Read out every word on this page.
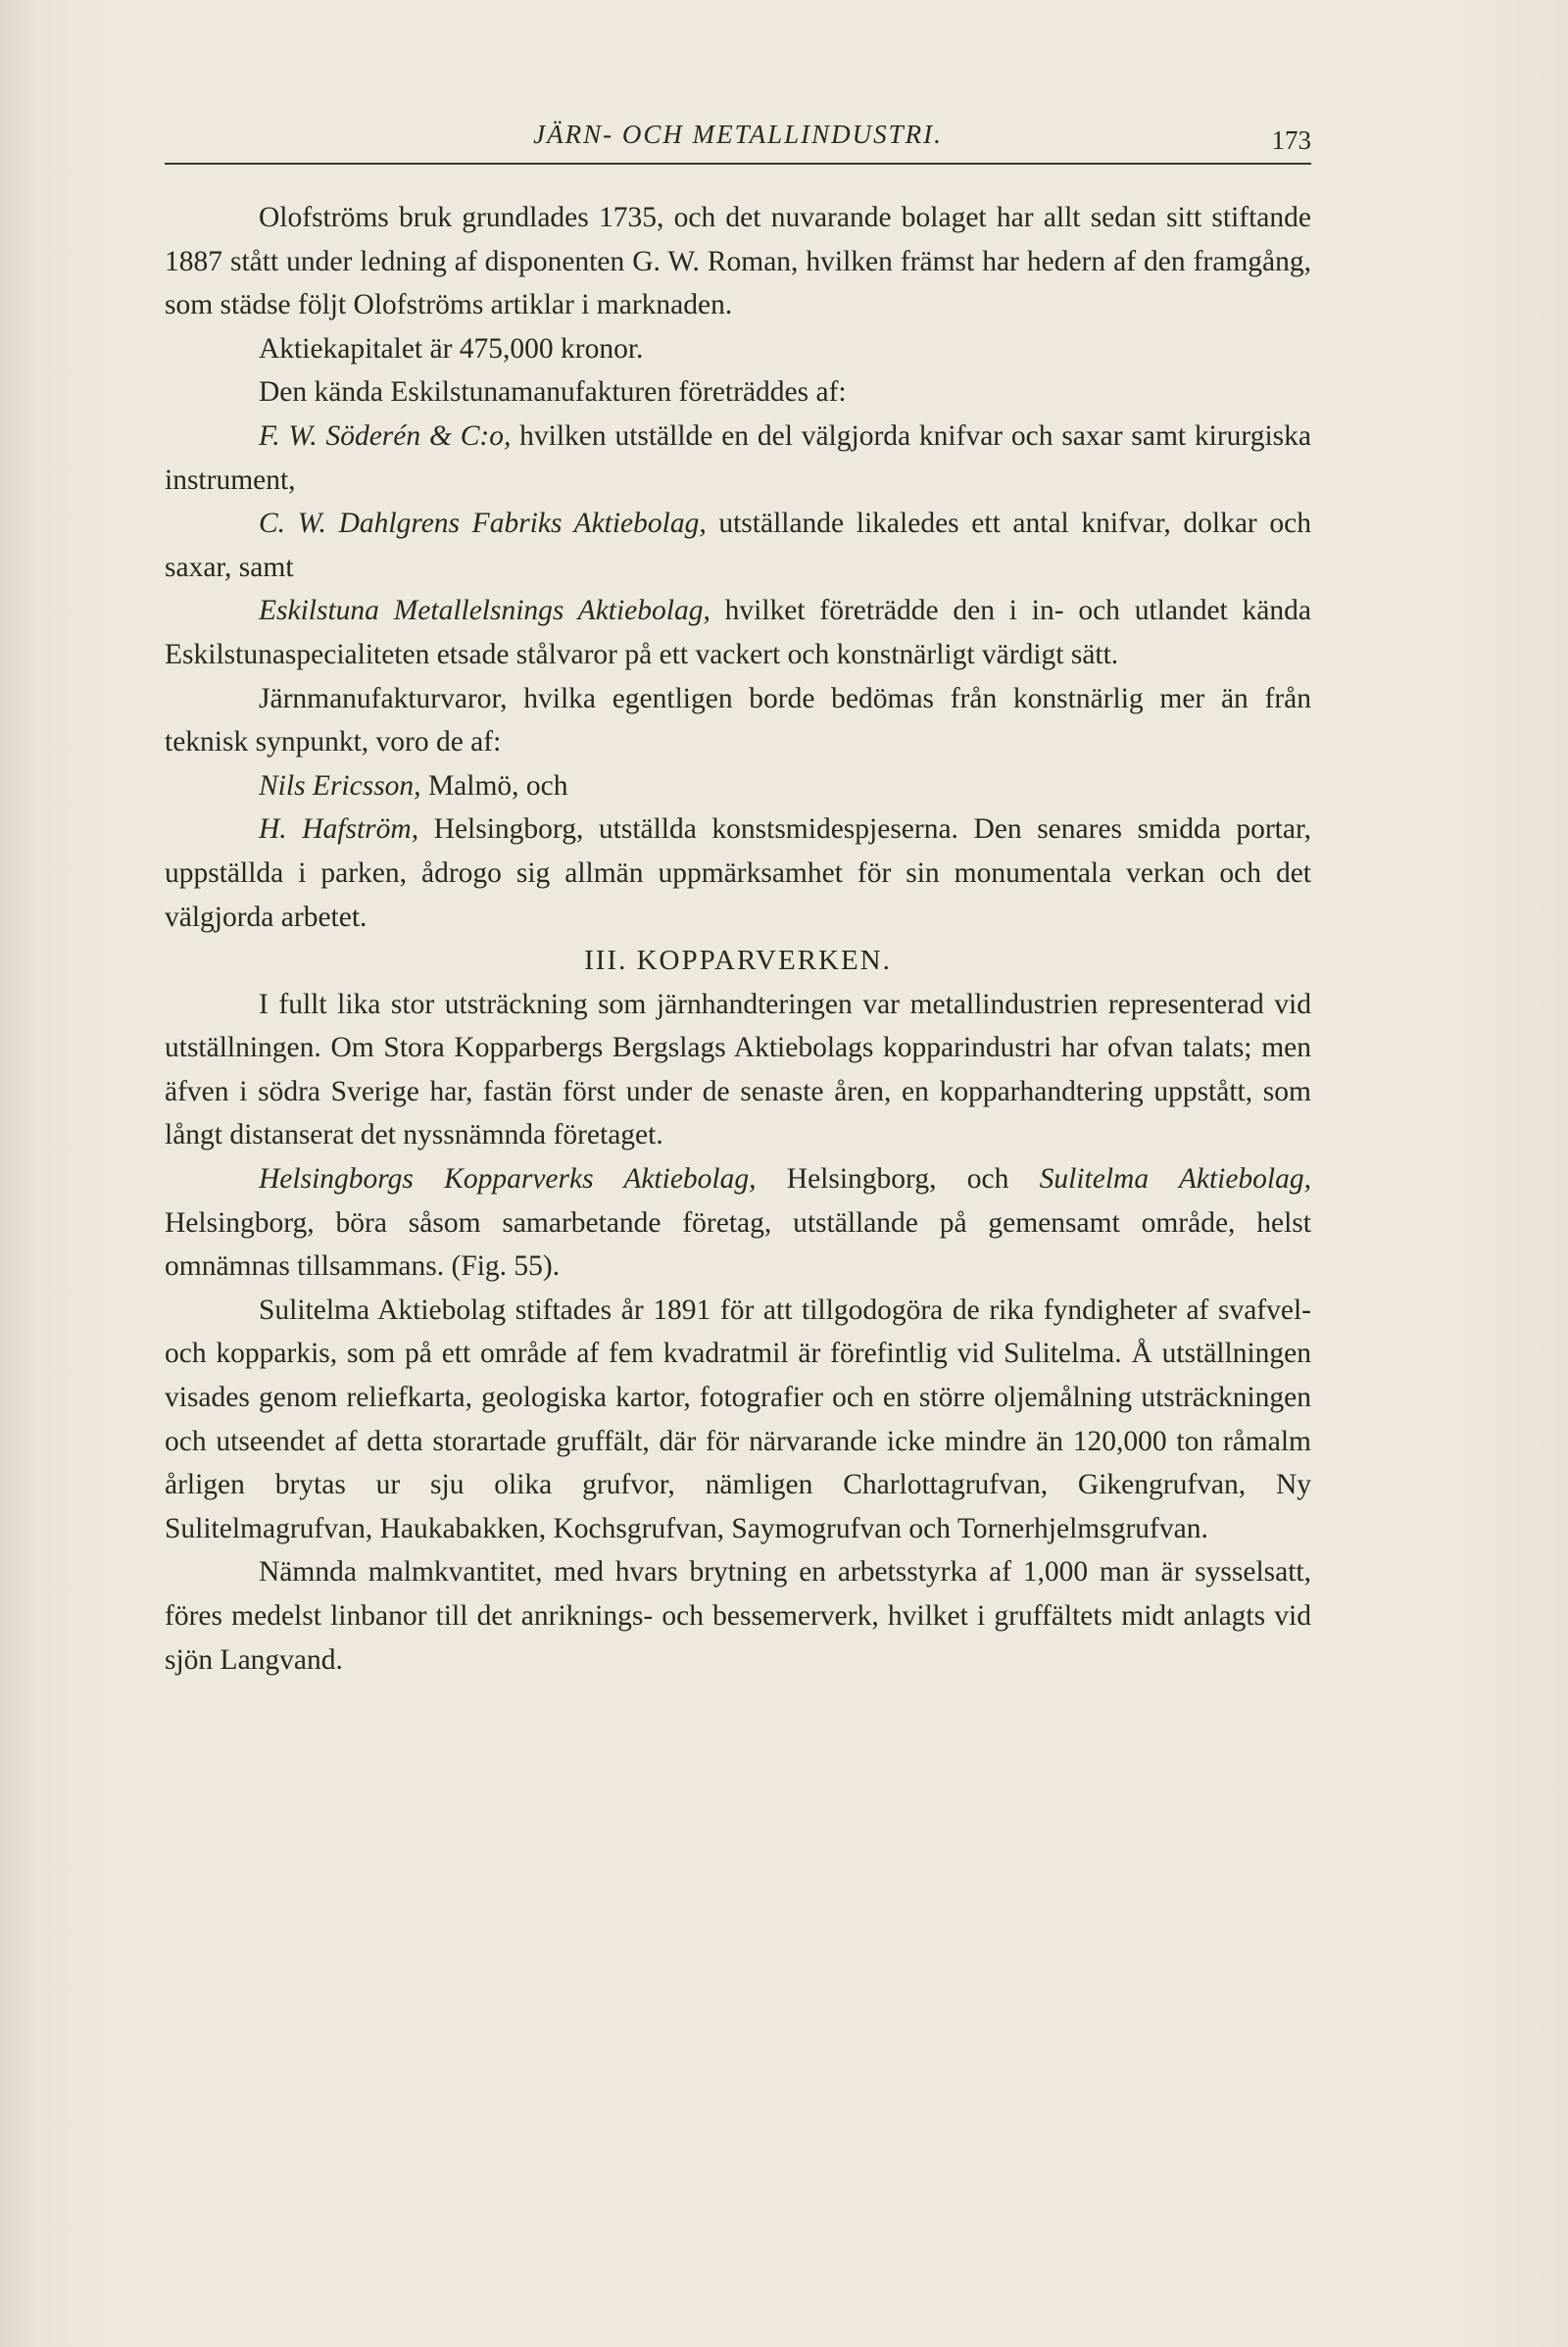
JÄRN- OCH METALLINDUSTRI.	173

Olofströms bruk grundlades 1735, och det nuvarande bolaget har allt sedan sitt stiftande 1887 stått under ledning af disponenten G. W. Roman, hvilken främst har hedern af den framgång, som städse följt Olofströms artiklar i marknaden.

Aktiekapitalet är 475,000 kronor.

Den kända Eskilstunamanufakturen företräddes af:

F. W. Söderén & C:o, hvilken utställde en del välgjorda knifvar och saxar samt kirurgiska instrument,

C. W. Dahlgrens Fabriks Aktiebolag, utställande likaledes ett antal knifvar, dolkar och saxar, samt

Eskilstuna Metallelsnings Aktiebolag, hvilket företrädde den i in- och utlandet kända Eskilstunaspecialiteten etsade stålvaror på ett vackert och konstnärligt värdigt sätt.

Järnmanufakturvaror, hvilka egentligen borde bedömas från konstnärlig mer än från teknisk synpunkt, voro de af:

Nils Ericsson, Malmö, och

H. Hafström, Helsingborg, utställda konstsmidespjeserna. Den senares smidda portar, uppställda i parken, ådrogo sig allmän uppmärksamhet för sin monumentala verkan och det välgjorda arbetet.

III. KOPPARVERKEN.

I fullt lika stor utsträckning som järnhandteringen var metallindustrien representerad vid utställningen. Om Stora Kopparbergs Bergslags Aktiebolags kopparindustri har ofvan talats; men äfven i södra Sverige har, fastän först under de senaste åren, en kopparhandtering uppstått, som långt distanserat det nyssnämnda företaget.

Helsingborgs Kopparverks Aktiebolag, Helsingborg, och Sulitelma Aktiebolag, Helsingborg, böra såsom samarbetande företag, utställande på gemensamt område, helst omnämnas tillsammans. (Fig. 55).

Sulitelma Aktiebolag stiftades år 1891 för att tillgodogöra de rika fyndigheter af svafvel- och kopparkis, som på ett område af fem kvadratmil är förefintlig vid Sulitelma. Å utställningen visades genom reliefkarta, geologiska kartor, fotografier och en större oljemålning utsträckningen och utseendet af detta storartade gruffält, där för närvarande icke mindre än 120,000 ton råmalm årligen brytas ur sju olika grufvor, nämligen Charlottagrufvan, Gikengrufvan, Ny Sulitelmagrufvan, Haukabakken, Kochsgrufvan, Saymogrufvan och Tornerhjelmsgrufvan.

Nämnda malmkvantitet, med hvars brytning en arbetsstyrka af 1,000 man är sysselsatt, föres medelst linbanor till det anriknings- och bessemerverk, hvilket i gruffältets midt anlagts vid sjön Langvand.
